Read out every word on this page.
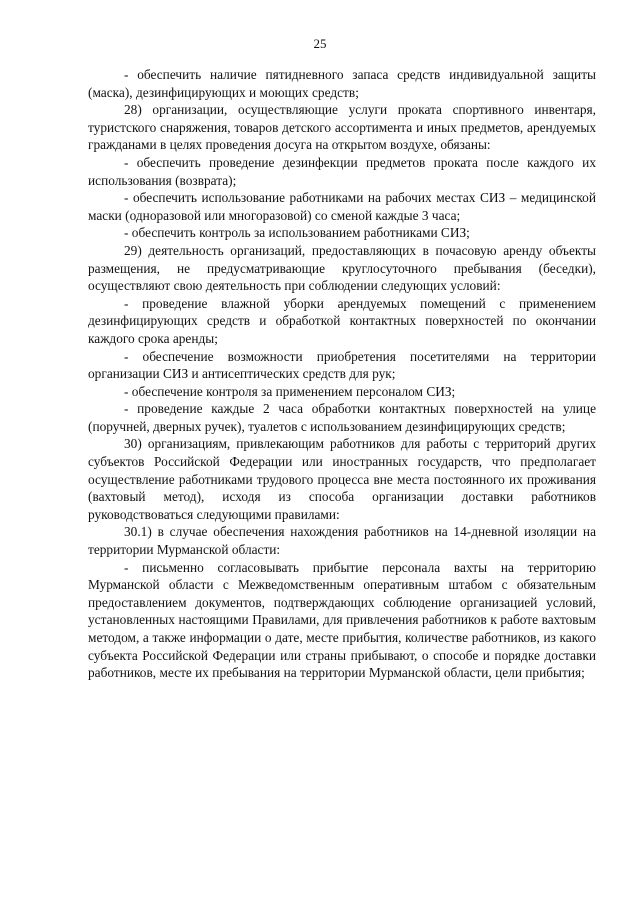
25

- обеспечить наличие пятидневного запаса средств индивидуальной защиты (маска), дезинфицирующих и моющих средств;

28) организации, осуществляющие услуги проката спортивного инвентаря, туристского снаряжения, товаров детского ассортимента и иных предметов, арендуемых гражданами в целях проведения досуга на открытом воздухе, обязаны:

- обеспечить проведение дезинфекции предметов проката после каждого их использования (возврата);

- обеспечить использование работниками на рабочих местах СИЗ – медицинской маски (одноразовой или многоразовой) со сменой каждые 3 часа;

- обеспечить контроль за использованием работниками СИЗ;

29) деятельность организаций, предоставляющих в почасовую аренду объекты размещения, не предусматривающие круглосуточного пребывания (беседки), осуществляют свою деятельность при соблюдении следующих условий:

- проведение влажной уборки арендуемых помещений с применением дезинфицирующих средств и обработкой контактных поверхностей по окончании каждого срока аренды;

- обеспечение возможности приобретения посетителями на территории организации СИЗ и антисептических средств для рук;

- обеспечение контроля за применением персоналом СИЗ;

- проведение каждые 2 часа обработки контактных поверхностей на улице (поручней, дверных ручек), туалетов с использованием дезинфицирующих средств;

30) организациям, привлекающим работников для работы с территорий других субъектов Российской Федерации или иностранных государств, что предполагает осуществление работниками трудового процесса вне места постоянного их проживания (вахтовый метод), исходя из способа организации доставки работников руководствоваться следующими правилами:

30.1) в случае обеспечения нахождения работников на 14-дневной изоляции на территории Мурманской области:

- письменно согласовывать прибытие персонала вахты на территорию Мурманской области с Межведомственным оперативным штабом с обязательным предоставлением документов, подтверждающих соблюдение организацией условий, установленных настоящими Правилами, для привлечения работников к работе вахтовым методом, а также информации о дате, месте прибытия, количестве работников, из какого субъекта Российской Федерации или страны прибывают, о способе и порядке доставки работников, месте их пребывания на территории Мурманской области, цели прибытия;
